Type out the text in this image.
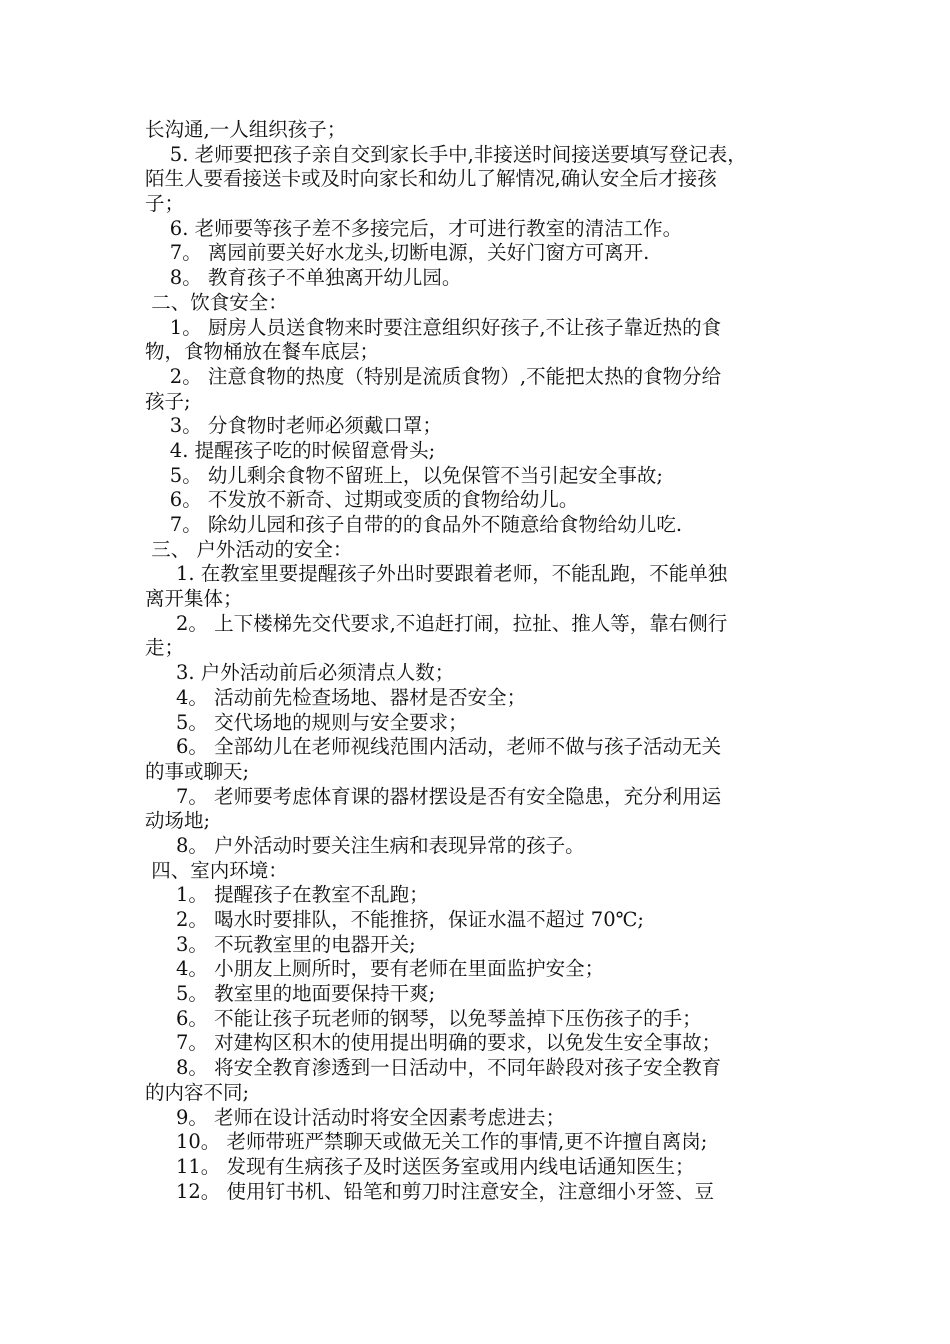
长沟通,一人组织孩子；

5. 老师要把孩子亲自交到家长手中,非接送时间接送要填写登记表，

陌生人要看接送卡或及时向家长和幼儿了解情况,确认安全后才接孩

子；

6. 老师要等孩子差不多接完后，才可进行教室的清洁工作。

7。 离园前要关好水龙头,切断电源，关好门窗方可离开.

8。 教育孩子不单独离开幼儿园。

二、饮食安全：

1。 厨房人员送食物来时要注意组织好孩子,不让孩子靠近热的食

物，食物桶放在餐车底层；

2。 注意食物的热度（特别是流质食物）,不能把太热的食物分给

孩子;

3。 分食物时老师必须戴口罩；

4. 提醒孩子吃的时候留意骨头;

5。 幼儿剩余食物不留班上，以免保管不当引起安全事故;

6。 不发放不新奇、过期或变质的食物给幼儿。

7。 除幼儿园和孩子自带的的食品外不随意给食物给幼儿吃.

三、 户外活动的安全：

1. 在教室里要提醒孩子外出时要跟着老师，不能乱跑，不能单独

离开集体；

2。 上下楼梯先交代要求,不追赶打闹，拉扯、推人等，靠右侧行

走；

3. 户外活动前后必须清点人数；

4。 活动前先检查场地、器材是否安全；

5。 交代场地的规则与安全要求；

6。 全部幼儿在老师视线范围内活动，老师不做与孩子活动无关

的事或聊天;

7。 老师要考虑体育课的器材摆设是否有安全隐患，充分利用运

动场地;

8。 户外活动时要关注生病和表现异常的孩子。

四、室内环境：

1。 提醒孩子在教室不乱跑；

2。 喝水时要排队，不能推挤，保证水温不超过 70℃;

3。 不玩教室里的电器开关;

4。 小朋友上厕所时，要有老师在里面监护安全；

5。 教室里的地面要保持干爽;

6。 不能让孩子玩老师的钢琴，以免琴盖掉下压伤孩子的手；

7。 对建构区积木的使用提出明确的要求，以免发生安全事故；

8。 将安全教育渗透到一日活动中，不同年龄段对孩子安全教育

的内容不同;

9。 老师在设计活动时将安全因素考虑进去；

10。 老师带班严禁聊天或做无关工作的事情,更不许擅自离岗;

11。 发现有生病孩子及时送医务室或用内线电话通知医生；

12。 使用钉书机、铅笔和剪刀时注意安全，注意细小牙签、豆
